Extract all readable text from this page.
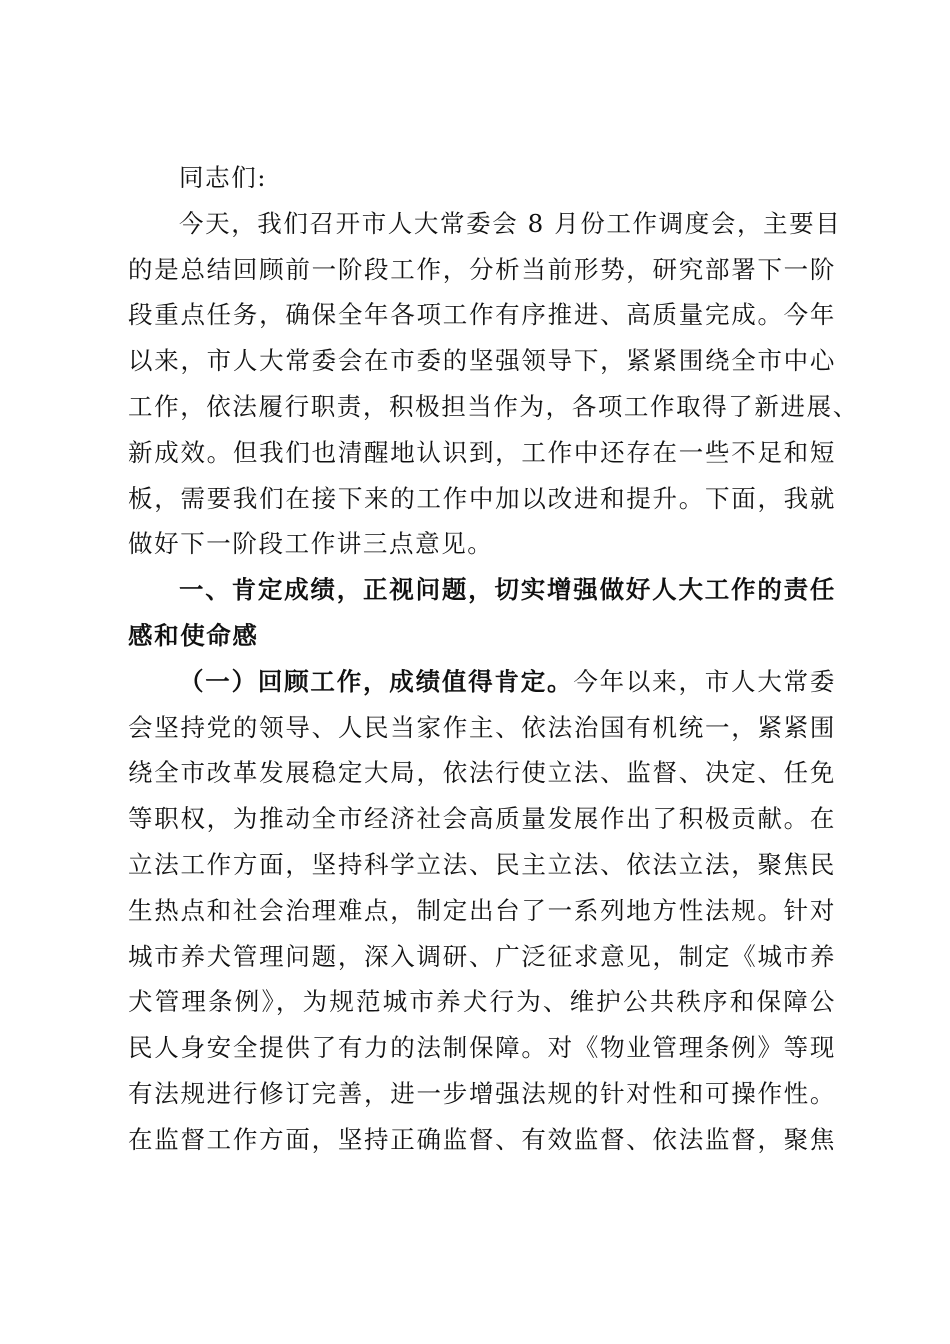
同志们:
今天，我们召开市人大常委会 8 月份工作调度会，主要目
的是总结回顾前一阶段工作，分析当前形势，研究部署下一阶
段重点任务，确保全年各项工作有序推进、高质量完成。今年
以来，市人大常委会在市委的坚强领导下，紧紧围绕全市中心
工作，依法履行职责，积极担当作为，各项工作取得了新进展、
新成效。但我们也清醒地认识到，工作中还存在一些不足和短
板，需要我们在接下来的工作中加以改进和提升。下面，我就
做好下一阶段工作讲三点意见。
一、肯定成绩，正视问题，切实增强做好人大工作的责任
感和使命感
（一）回顾工作，成绩值得肯定。今年以来，市人大常委
会坚持党的领导、人民当家作主、依法治国有机统一，紧紧围
绕全市改革发展稳定大局，依法行使立法、监督、决定、任免
等职权，为推动全市经济社会高质量发展作出了积极贡献。在
立法工作方面，坚持科学立法、民主立法、依法立法，聚焦民
生热点和社会治理难点，制定出台了一系列地方性法规。针对
城市养犬管理问题，深入调研、广泛征求意见，制定《城市养
犬管理条例》，为规范城市养犬行为、维护公共秩序和保障公
民人身安全提供了有力的法制保障。对《物业管理条例》等现
有法规进行修订完善，进一步增强法规的针对性和可操作性。
在监督工作方面，坚持正确监督、有效监督、依法监督，聚焦
